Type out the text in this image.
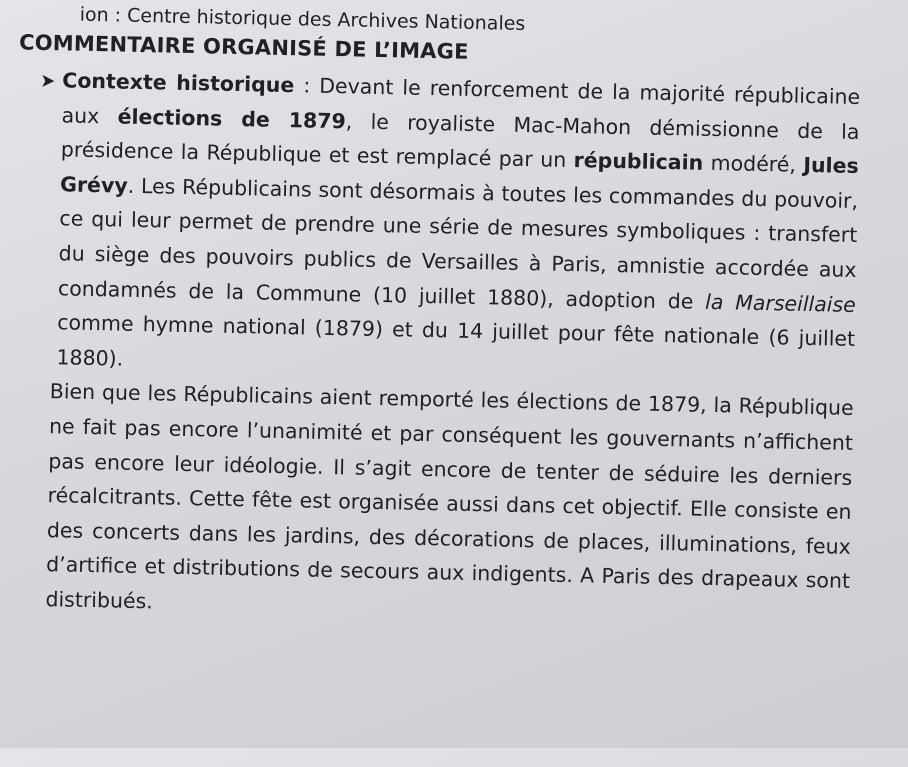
ion : Centre historique des Archives Nationales
COMMENTAIRE ORGANISÉ DE L’IMAGE

Contexte historique : Devant le renforcement de la majorité républicaine aux élections de 1879, le royaliste Mac-Mahon démissionne de la présidence la République et est remplacé par un républicain modéré, Jules Grévy. Les Républicains sont désormais à toutes les commandes du pouvoir, ce qui leur permet de prendre une série de mesures symboliques : transfert du siège des pouvoirs publics de Versailles à Paris, amnistie accordée aux condamnés de la Commune (10 juillet 1880), adoption de la Marseillaise comme hymne national (1879) et du 14 juillet pour fête nationale (6 juillet 1880).

Bien que les Républicains aient remporté les élections de 1879, la République ne fait pas encore l’unanimité et par conséquent les gouvernants n’affichent pas encore leur idéologie. Il s’agit encore de tenter de séduire les derniers récalcitrants. Cette fête est organisée aussi dans cet objectif. Elle consiste en des concerts dans les jardins, des décorations de places, illuminations, feux d’artifice et distributions de secours aux indigents. A Paris des drapeaux sont distribués.
